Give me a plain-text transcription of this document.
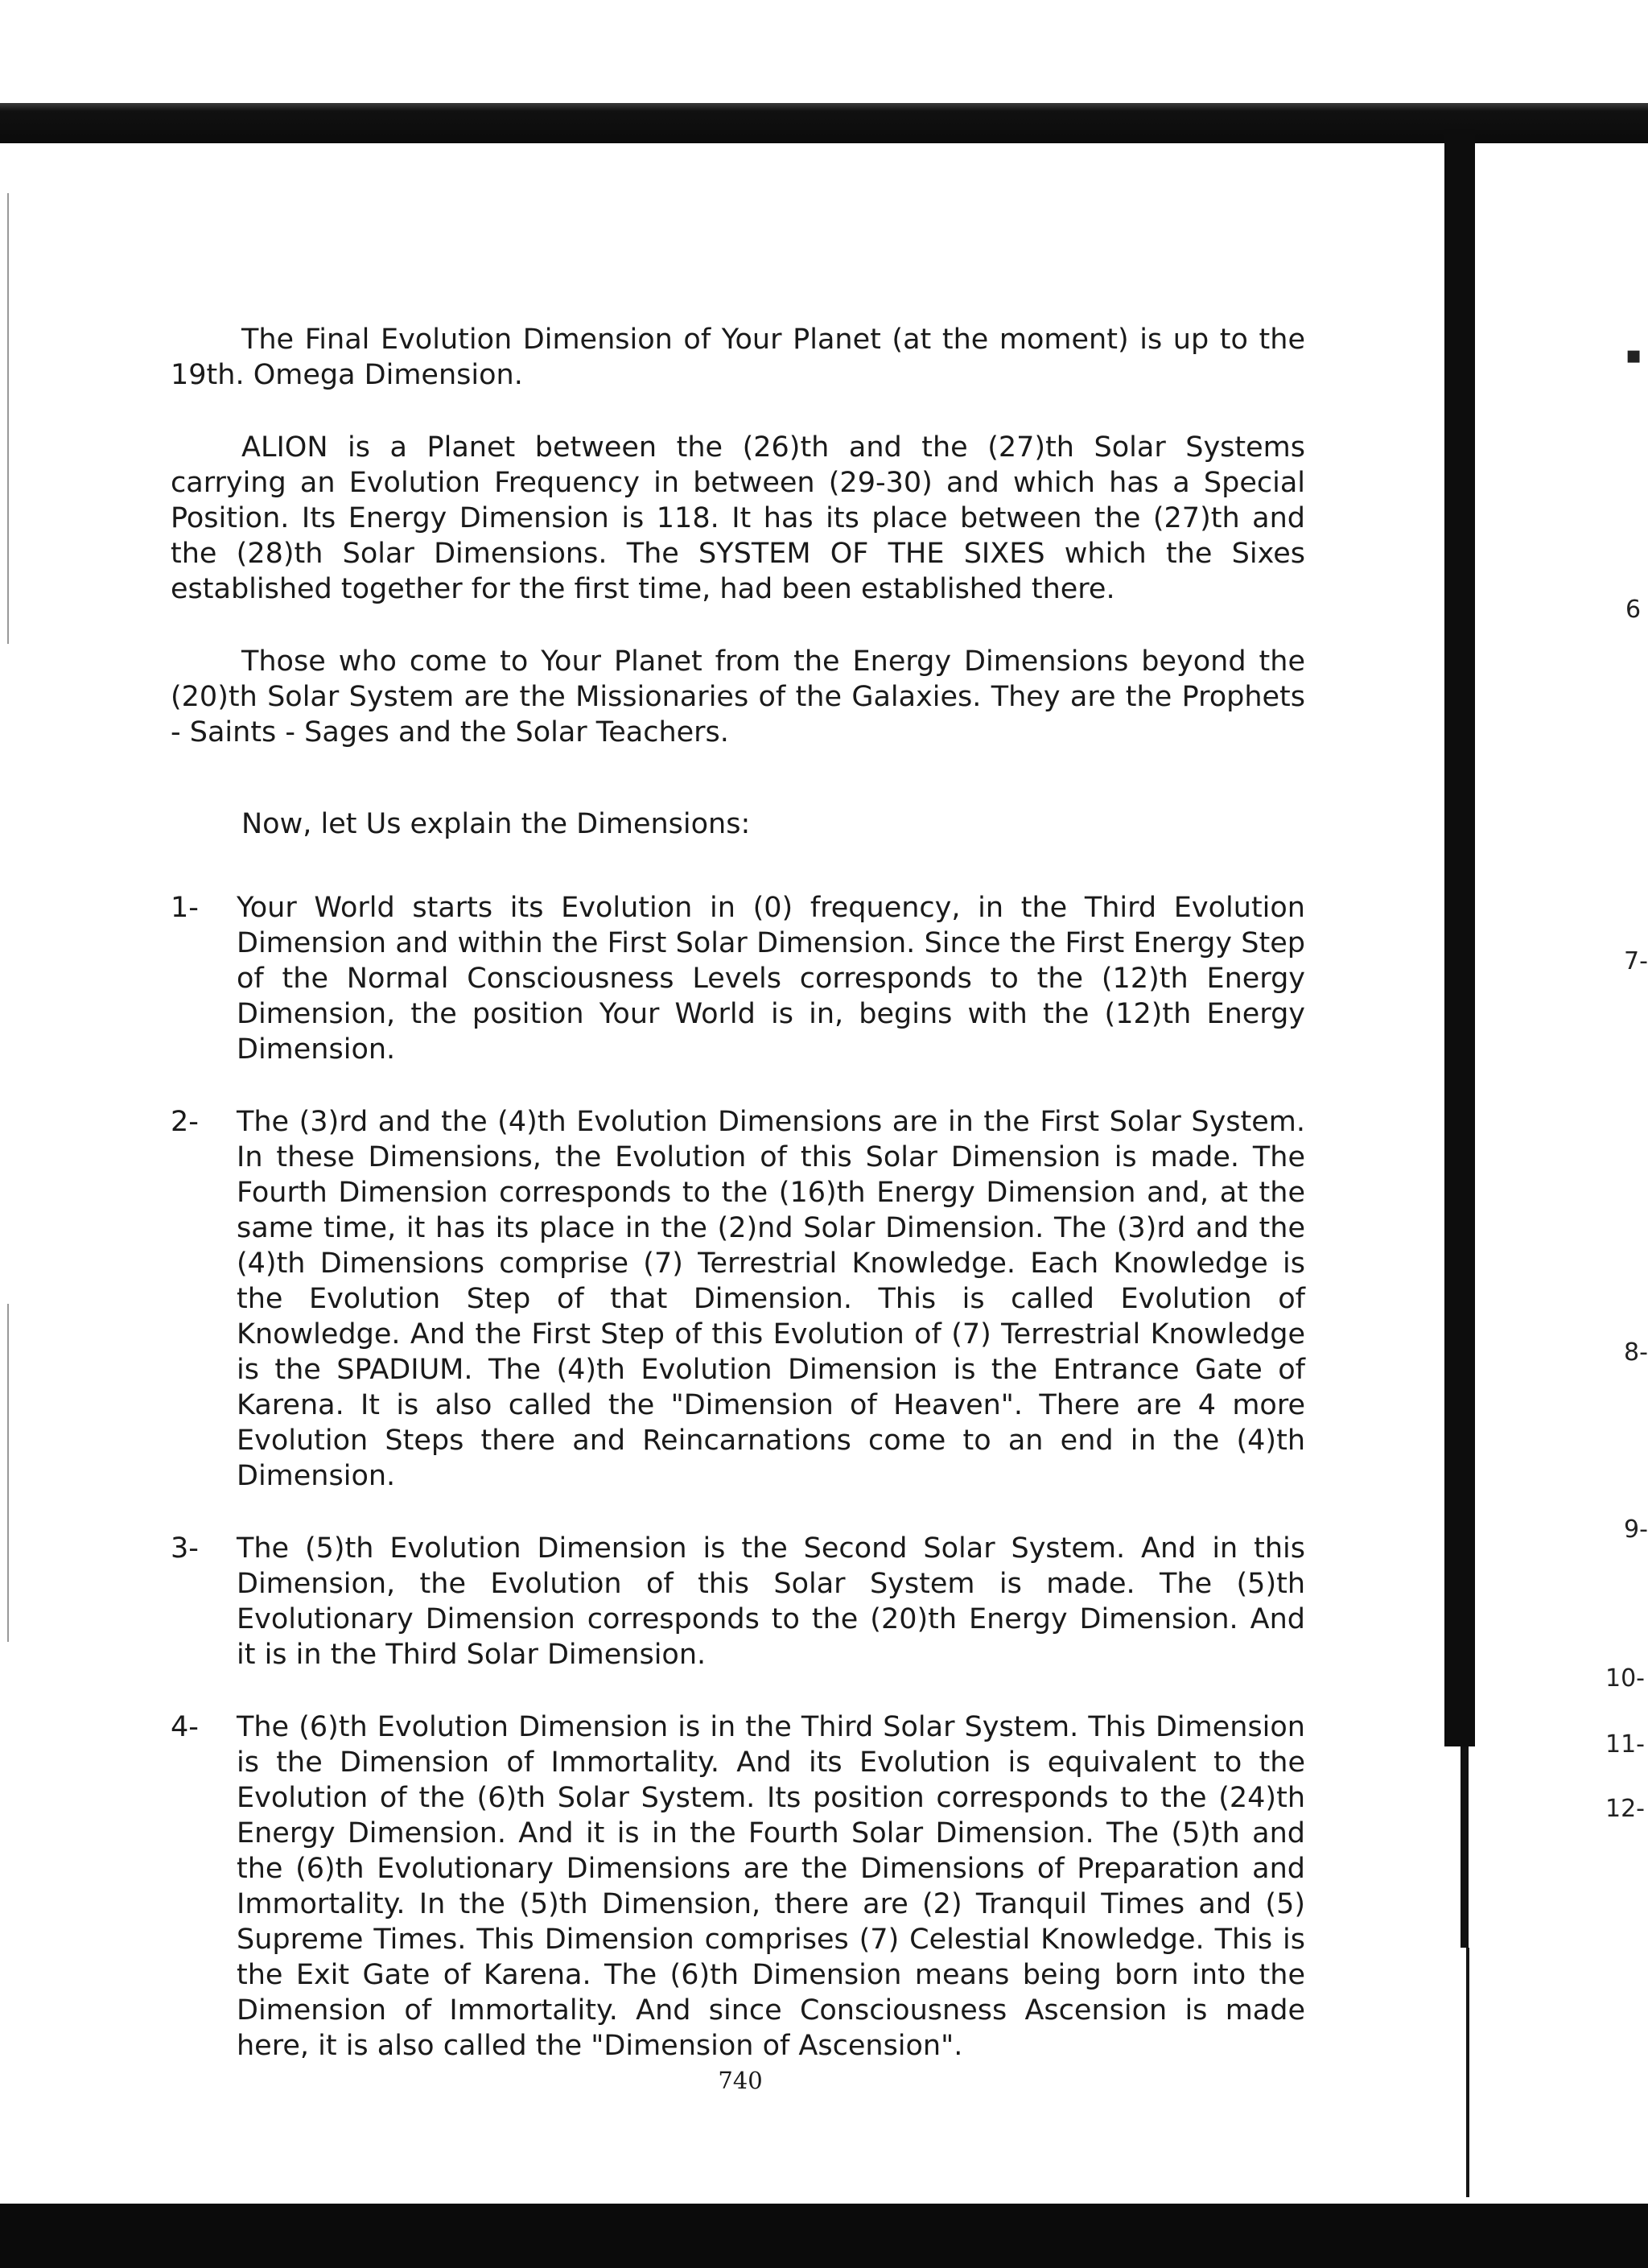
▪
6
7-
8-
9-
10-
11-
12-

The Final Evolution Dimension of Your Planet (at the moment) is up to the 19th. Omega Dimension.

ALION is a Planet between the (26)th and the (27)th Solar Systems carrying an Evolution Frequency in between (29-30) and which has a Special Position. Its Energy Dimension is 118. It has its place between the (27)th and the (28)th Solar Dimensions. The SYSTEM OF THE SIXES which the Sixes established together for the first time, had been established there.

Those who come to Your Planet from the Energy Dimensions beyond the (20)th Solar System are the Missionaries of the Galaxies. They are the Prophets - Saints - Sages and the Solar Teachers.

Now, let Us explain the Dimensions:

1- Your World starts its Evolution in (0) frequency, in the Third Evolution Dimension and within the First Solar Dimension. Since the First Energy Step of the Normal Consciousness Levels corresponds to the (12)th Energy Dimension, the position Your World is in, begins with the (12)th Energy Dimension.
2- The (3)rd and the (4)th Evolution Dimensions are in the First Solar System. In these Dimensions, the Evolution of this Solar Dimension is made. The Fourth Dimension corresponds to the (16)th Energy Dimension and, at the same time, it has its place in the (2)nd Solar Dimension. The (3)rd and the (4)th Dimensions comprise (7) Terrestrial Knowledge. Each Knowledge is the Evolution Step of that Dimension. This is called Evolution of Knowledge. And the First Step of this Evolution of (7) Terrestrial Knowledge is the SPADIUM. The (4)th Evolution Dimension is the Entrance Gate of Karena. It is also called the "Dimension of Heaven". There are 4 more Evolution Steps there and Reincarnations come to an end in the (4)th Dimension.
3- The (5)th Evolution Dimension is the Second Solar System. And in this Dimension, the Evolution of this Solar System is made. The (5)th Evolutionary Dimension corresponds to the (20)th Energy Dimension. And it is in the Third Solar Dimension.
4- The (6)th Evolution Dimension is in the Third Solar System. This Dimension is the Dimension of Immortality. And its Evolution is equivalent to the Evolution of the (6)th Solar System. Its position corresponds to the (24)th Energy Dimension. And it is in the Fourth Solar Dimension. The (5)th and the (6)th Evolutionary Dimensions are the Dimensions of Preparation and Immortality. In the (5)th Dimension, there are (2) Tranquil Times and (5) Supreme Times. This Dimension comprises (7) Celestial Knowledge. This is the Exit Gate of Karena. The (6)th Dimension means being born into the Dimension of Immortality. And since Consciousness Ascension is made here, it is also called the "Dimension of Ascension".
740
